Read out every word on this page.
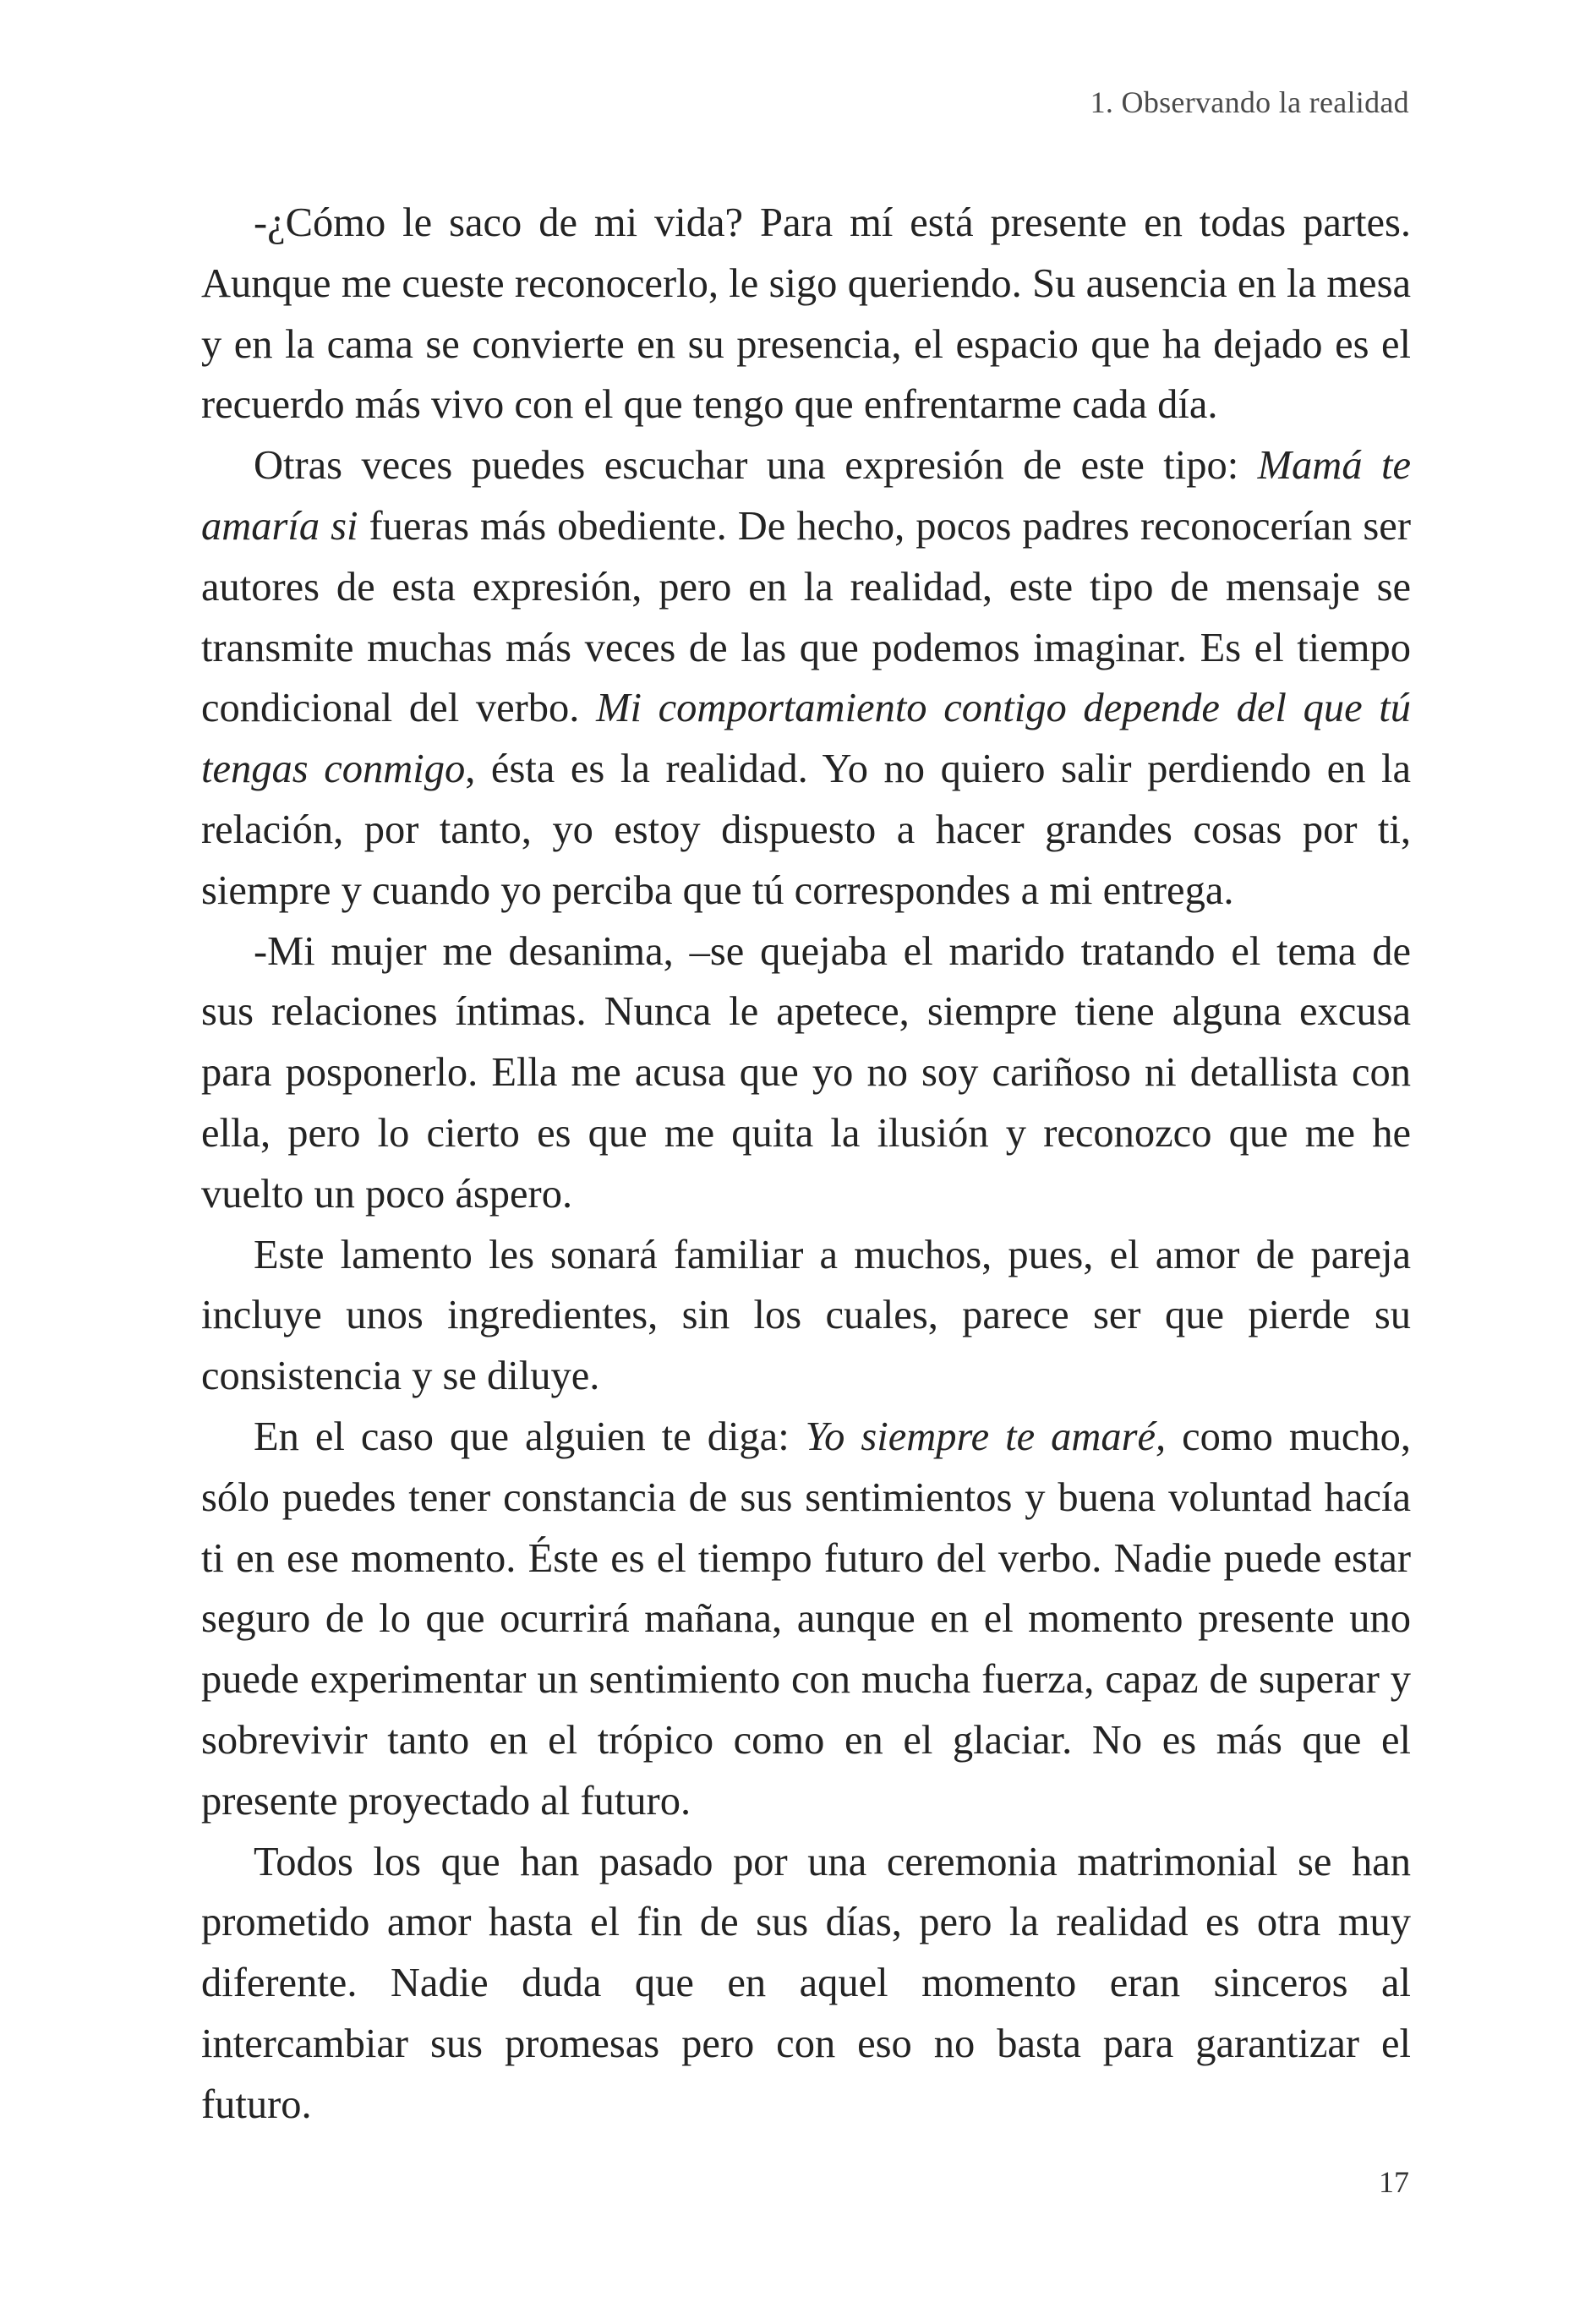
1. Observando la realidad

-¿Cómo le saco de mi vida? Para mí está presente en todas partes. Aunque me cueste reconocerlo, le sigo queriendo. Su ausencia en la mesa y en la cama se convierte en su presencia, el espacio que ha dejado es el recuerdo más vivo con el que tengo que enfrentarme cada día.

Otras veces puedes escuchar una expresión de este tipo: Mamá te amaría si fueras más obediente. De hecho, pocos padres reconocerían ser autores de esta expresión, pero en la realidad, este tipo de mensaje se transmite muchas más veces de las que podemos imaginar. Es el tiempo condicional del verbo. Mi comportamiento contigo depende del que tú tengas conmigo, ésta es la realidad. Yo no quiero salir perdiendo en la relación, por tanto, yo estoy dispuesto a hacer grandes cosas por ti, siempre y cuando yo perciba que tú correspondes a mi entrega.

-Mi mujer me desanima, –se quejaba el marido tratando el tema de sus relaciones íntimas. Nunca le apetece, siempre tiene alguna excusa para posponerlo. Ella me acusa que yo no soy cariñoso ni detallista con ella, pero lo cierto es que me quita la ilusión y reconozco que me he vuelto un poco áspero.

Este lamento les sonará familiar a muchos, pues, el amor de pareja incluye unos ingredientes, sin los cuales, parece ser que pierde su consistencia y se diluye.

En el caso que alguien te diga: Yo siempre te amaré, como mucho, sólo puedes tener constancia de sus sentimientos y buena voluntad hacía ti en ese momento. Éste es el tiempo futuro del verbo. Nadie puede estar seguro de lo que ocurrirá mañana, aunque en el momento presente uno puede experimentar un sentimiento con mucha fuerza, capaz de superar y sobrevivir tanto en el trópico como en el glaciar. No es más que el presente proyectado al futuro.

Todos los que han pasado por una ceremonia matrimonial se han prometido amor hasta el fin de sus días, pero la realidad es otra muy diferente. Nadie duda que en aquel momento eran sinceros al intercambiar sus promesas pero con eso no basta para garantizar el futuro.

17
